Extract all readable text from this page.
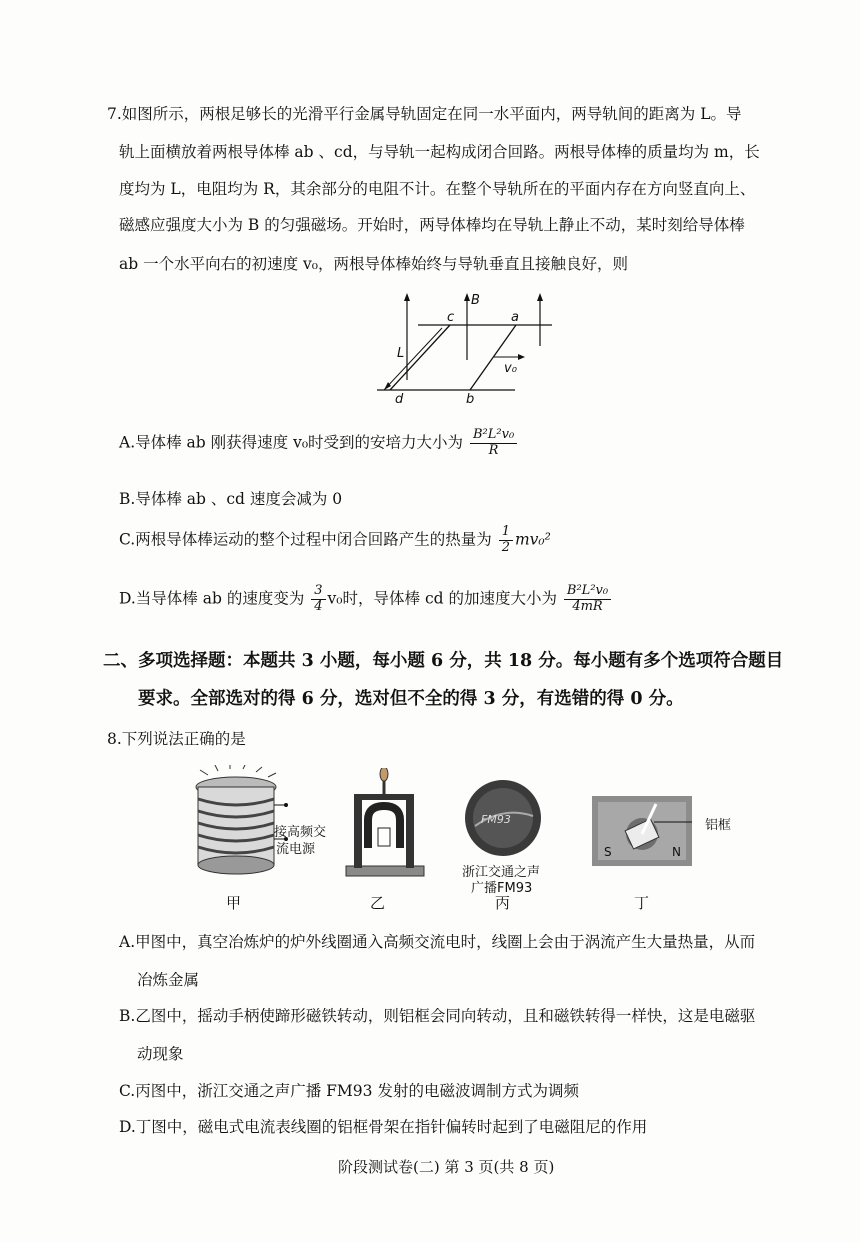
7.如图所示，两根足够长的光滑平行金属导轨固定在同一水平面内，两导轨间的距离为 L。导
轨上面横放着两根导体棒 ab 、cd，与导轨一起构成闭合回路。两根导体棒的质量均为 m，长
度均为 L，电阻均为 R，其余部分的电阻不计。在整个导轨所在的平面内存在方向竖直向上、
磁感应强度大小为 B 的匀强磁场。开始时，两导体棒均在导轨上静止不动，某时刻给导体棒
ab 一个水平向右的初速度 v₀，两根导体棒始终与导轨垂直且接触良好，则
B
c	a
L
v₀
d	b
A.导体棒 ab 刚获得速度 v₀时受到的安培力大小为 $\frac{\text{B²L²v₀}}{R}$
B.导体棒 ab 、cd 速度会减为 0
C.两根导体棒运动的整个过程中闭合回路产生的热量为 $\frac{1}{2} mv_0^2$
D.当导体棒 ab 的速度变为 $\frac{3}{4} v_0$时，导体棒 cd 的加速度大小为 $\frac{\text{B²L²v₀}}{4mR}$
二、多项选择题：本题共 3 小题，每小题 6 分，共 18 分。每小题有多个选项符合题目
要求。全部选对的得 6 分，选对但不全的得 3 分，有选错的得 0 分。
8.下列说法正确的是
接高频交
流电源
FM93
浙江交通之声
广播FM93
S	N
铝框
甲	乙	丙	丁
A.甲图中，真空冶炼炉的炉外线圈通入高频交流电时，线圈上会由于涡流产生大量热量，从而
冶炼金属
B.乙图中，摇动手柄使蹄形磁铁转动，则铝框会同向转动，且和磁铁转得一样快，这是电磁驱
动现象
C.丙图中，浙江交通之声广播 FM93 发射的电磁波调制方式为调频
D.丁图中，磁电式电流表线圈的铝框骨架在指针偏转时起到了电磁阻尼的作用
阶段测试卷(二) 第 3 页(共 8 页)
